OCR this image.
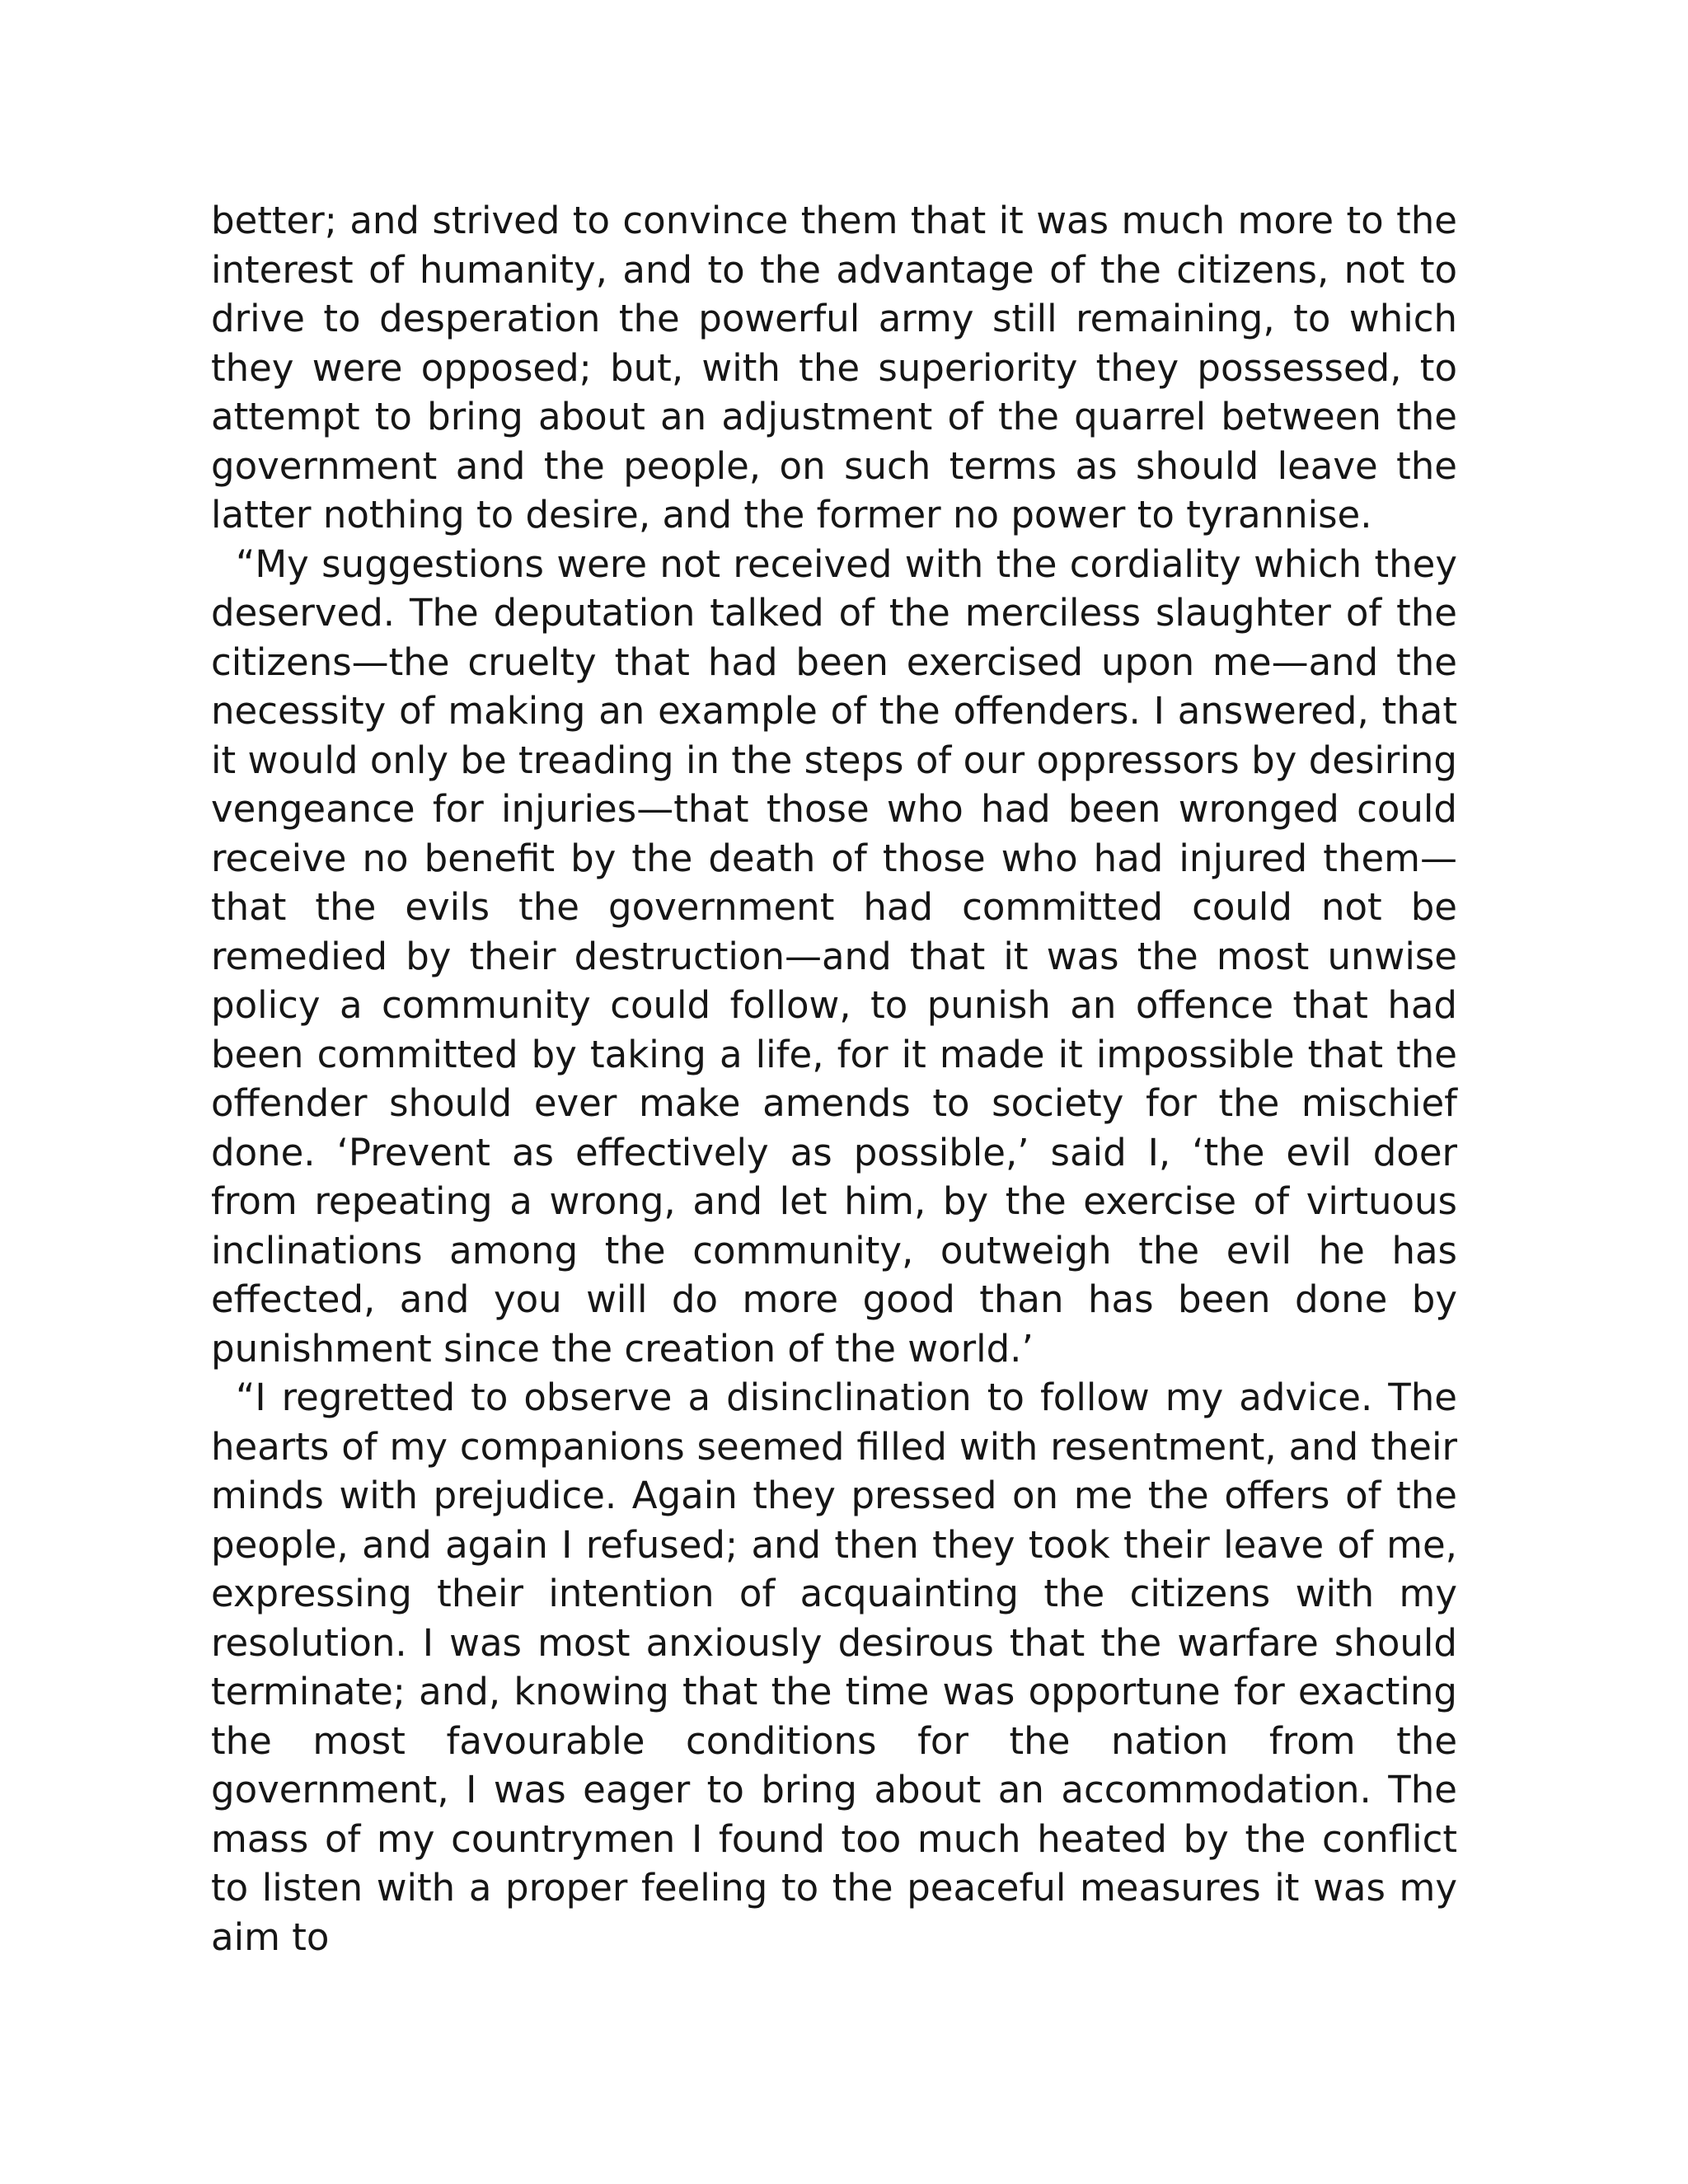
better; and strived to convince them that it was much more to the interest of humanity, and to the advantage of the citizens, not to drive to desperation the powerful army still remaining, to which they were opposed; but, with the superiority they possessed, to attempt to bring about an adjustment of the quarrel between the government and the people, on such terms as should leave the latter nothing to desire, and the former no power to tyrannise.

“My suggestions were not received with the cordiality which they deserved. The deputation talked of the merciless slaughter of the citizens—the cruelty that had been exercised upon me—and the necessity of making an example of the offenders. I answered, that it would only be treading in the steps of our oppressors by desiring vengeance for injuries—that those who had been wronged could receive no benefit by the death of those who had injured them—that the evils the government had committed could not be remedied by their destruction—and that it was the most unwise policy a community could follow, to punish an offence that had been committed by taking a life, for it made it impossible that the offender should ever make amends to society for the mischief done. ‘Prevent as effectively as possible,’ said I, ‘the evil doer from repeating a wrong, and let him, by the exercise of virtuous inclinations among the community, outweigh the evil he has effected, and you will do more good than has been done by punishment since the creation of the world.’

“I regretted to observe a disinclination to follow my advice. The hearts of my companions seemed filled with resentment, and their minds with prejudice. Again they pressed on me the offers of the people, and again I refused; and then they took their leave of me, expressing their intention of acquainting the citizens with my resolution. I was most anxiously desirous that the warfare should terminate; and, knowing that the time was opportune for exacting the most favourable conditions for the nation from the government, I was eager to bring about an accommodation. The mass of my countrymen I found too much heated by the conflict to listen with a proper feeling to the peaceful measures it was my aim to
